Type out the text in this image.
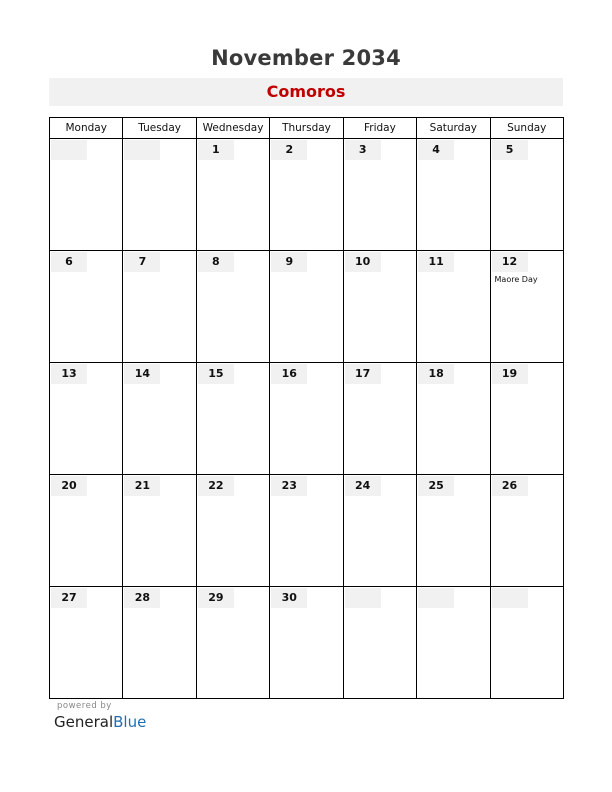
November 2034
Comoros
Monday	Tuesday	Wednesday	Thursday	Friday	Saturday	Sunday

		1	2	3	4	5

6	7	8	9	10	11	12
Maore Day

13	14	15	16	17	18	19

20	21	22	23	24	25	26

27	28	29	30			

powered by
GeneralBlue
